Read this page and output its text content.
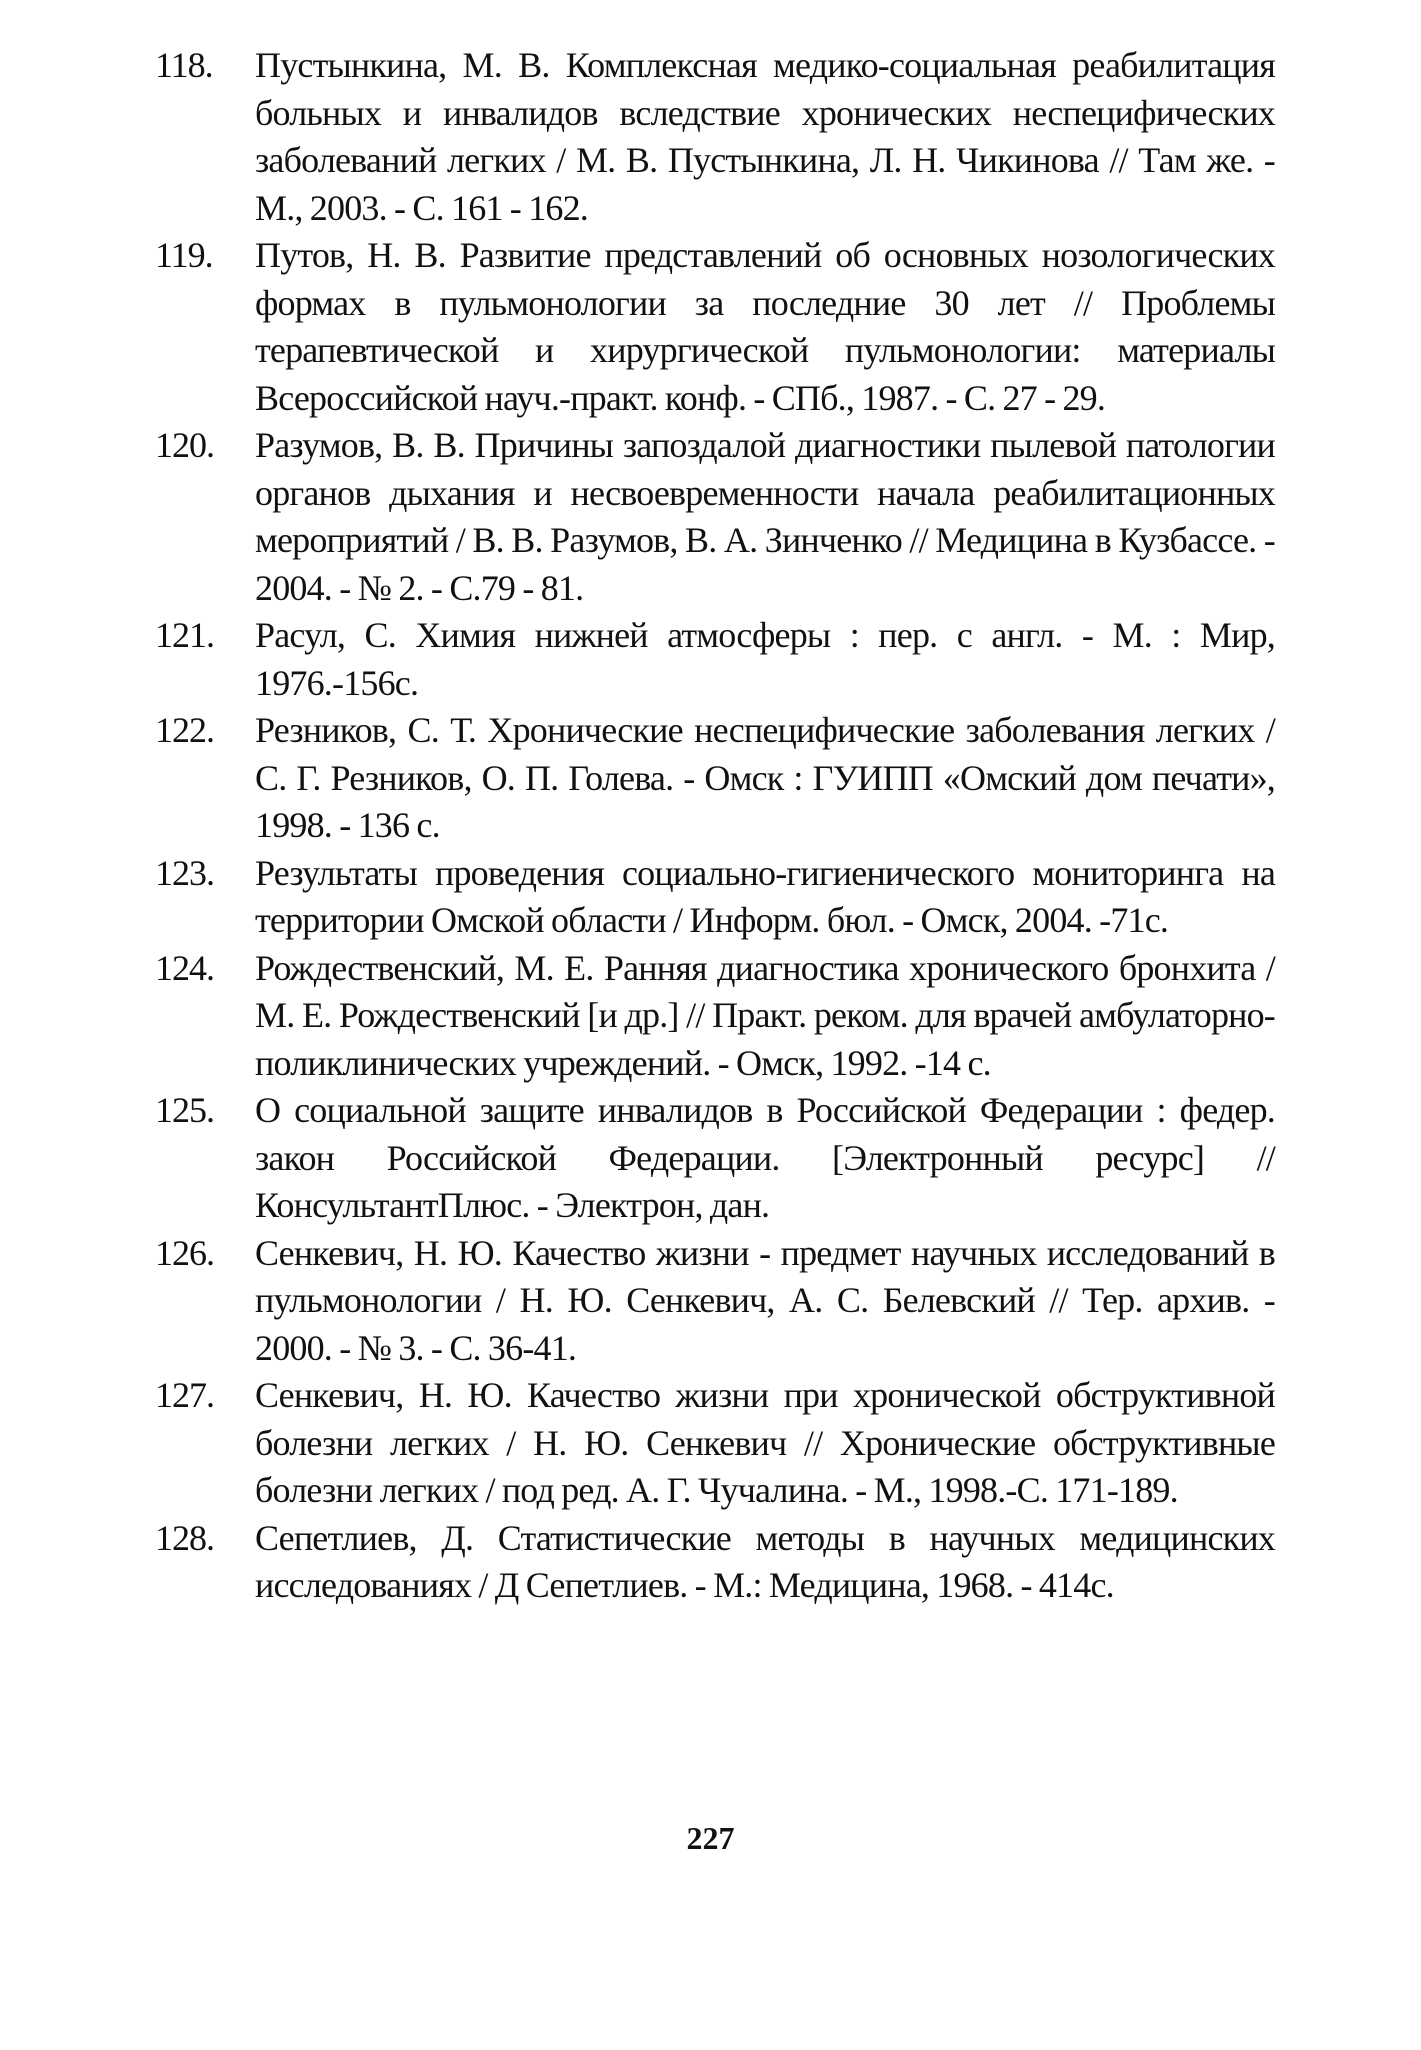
118.	Пустынкина, М. В. Комплексная медико-социальная реабилитация больных и инвалидов вследствие хронических неспецифических заболеваний легких / М. В. Пустынкина, Л. Н. Чикинова // Там же. - М., 2003. - С. 161 - 162.
119.	Путов, Н. В. Развитие представлений об основных нозологических формах в пульмонологии за последние 30 лет // Проблемы терапевтической и хирургической пульмонологии: материалы Всероссийской науч.-практ. конф. - СПб., 1987. - С. 27 - 29.
120.	Разумов, В. В. Причины запоздалой диагностики пылевой патологии органов дыхания и несвоевременности начала реабилитационных мероприятий / В. В. Разумов, В. А. Зинченко // Медицина в Кузбассе. - 2004. - № 2. - С.79 - 81.
121.	Расул, С. Химия нижней атмосферы : пер. с англ. - М. : Мир, 1976.-156с.
122.	Резников, С. Т. Хронические неспецифические заболевания легких / С. Г. Резников, О. П. Голева. - Омск : ГУИПП «Омский дом печати», 1998. - 136 с.
123.	Результаты проведения социально-гигиенического мониторинга на территории Омской области / Информ. бюл. - Омск, 2004. -71с.
124.	Рождественский, М. Е. Ранняя диагностика хронического бронхита / М. Е. Рождественский [и др.] // Практ. реком. для врачей амбулаторно-поликлинических учреждений. - Омск, 1992. -14 с.
125.	О социальной защите инвалидов в Российской Федерации : федер. закон Российской Федерации. [Электронный ресурс] // КонсультантПлюс. - Электрон, дан.
126.	Сенкевич, Н. Ю. Качество жизни - предмет научных исследований в пульмонологии / Н. Ю. Сенкевич, А. С. Белевский // Тер. архив. - 2000. - № 3. - С. 36-41.
127.	Сенкевич, Н. Ю. Качество жизни при хронической обструктивной болезни легких / Н. Ю. Сенкевич // Хронические обструктивные болезни легких / под ред. А. Г. Чучалина. - М., 1998.-С. 171-189.
128.	Сепетлиев, Д. Статистические методы в научных медицинских исследованиях / Д Сепетлиев. - М.: Медицина, 1968. - 414с.
227
